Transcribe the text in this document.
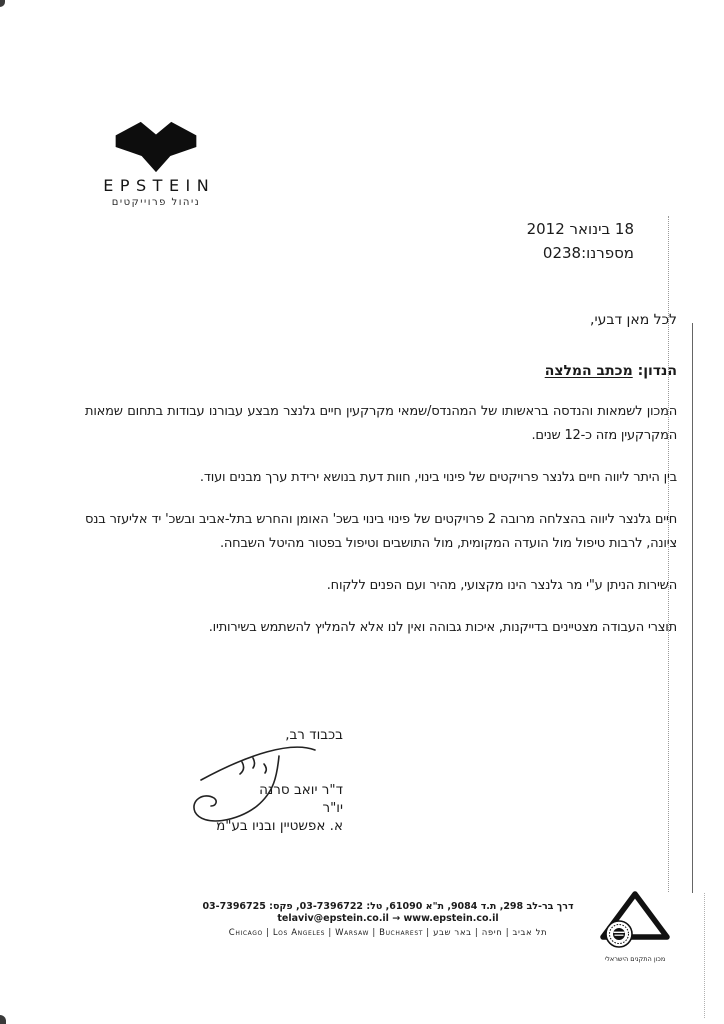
EPSTEIN
ניהול פרוייקטים
18 בינואר 2012
מספרנו:
0238
לכל מאן דבעי,
הנדון: מכתב המלצה

המכון לשמאות והנדסה בראשותו של המהנדס/שמאי מקרקעין חיים גלנצר מבצע עבורנו עבודות בתחום שמאות המקרקעין מזה כ-12 שנים.

בין היתר ליווה חיים גלנצר פרויקטים של פינוי בינוי, חוות דעת בנושא ירידת ערך מבנים ועוד.

חיים גלנצר ליווה בהצלחה מרובה 2 פרויקטים של פינוי בינוי בשכ' האומן והחרש בתל-אביב ובשכ' יד אליעזר בנס ציונה, לרבות טיפול מול הועדה המקומית, מול התושבים וטיפול בפטור מהיטל השבחה.

השירות הניתן ע"י מר גלנצר הינו מקצועי, מהיר ועם הפנים ללקוח.

תוצרי העבודה מצטיינים בדייקנות, איכות גבוהה ואין לנו אלא להמליץ להשתמש בשירותיו.

בכבוד רב,
ד"ר יואב סרנה
יו"ר
א. אפשטיין ובניו בע"מ
דרך בר-לב 298, ת.ד 9084, ת"א 61090, טל: 03-7396722, פקס: 03-7396725
telaviv@epstein.co.il → www.epstein.co.il
תל אביב | חיפה | באר שבע | Chicago | Los Angeles | Warsaw | Bucharest
מכון התקנים הישראלי
